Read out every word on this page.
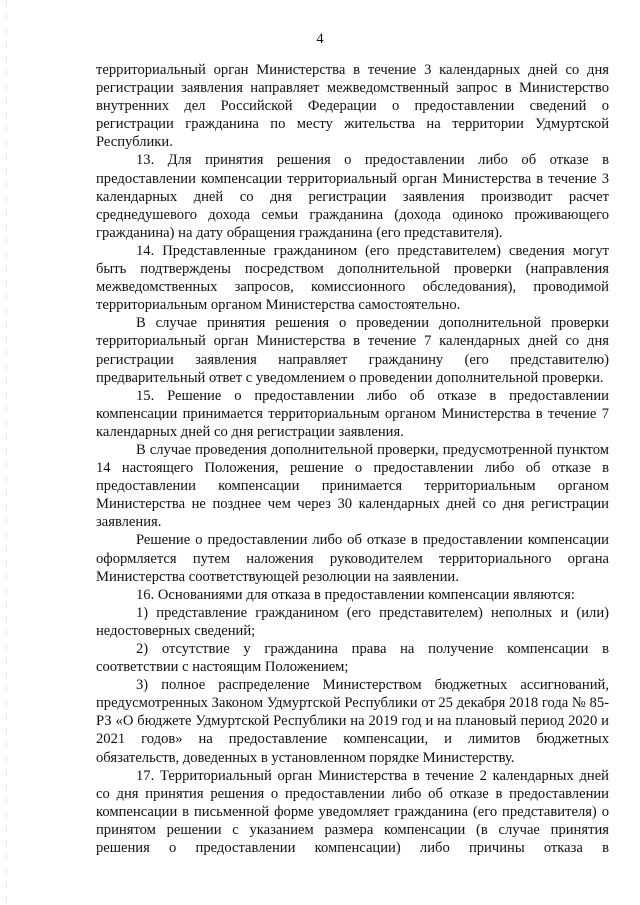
4

территориальный орган Министерства в течение 3 календарных дней со дня регистрации заявления направляет межведомственный запрос в Министерство внутренних дел Российской Федерации о предоставлении сведений о регистрации гражданина по месту жительства на территории Удмуртской Республики.

13. Для принятия решения о предоставлении либо об отказе в предоставлении компенсации территориальный орган Министерства в течение 3 календарных дней со дня регистрации заявления производит расчет среднедушевого дохода семьи гражданина (дохода одиноко проживающего гражданина) на дату обращения гражданина (его представителя).

14. Представленные гражданином (его представителем) сведения могут быть подтверждены посредством дополнительной проверки (направления межведомственных запросов, комиссионного обследования), проводимой территориальным органом Министерства самостоятельно.

В случае принятия решения о проведении дополнительной проверки территориальный орган Министерства в течение 7 календарных дней со дня регистрации заявления направляет гражданину (его представителю) предварительный ответ с уведомлением о проведении дополнительной проверки.

15. Решение о предоставлении либо об отказе в предоставлении компенсации принимается территориальным органом Министерства в течение 7 календарных дней со дня регистрации заявления.

В случае проведения дополнительной проверки, предусмотренной пунктом 14 настоящего Положения, решение о предоставлении либо об отказе в предоставлении компенсации принимается территориальным органом Министерства не позднее чем через 30 календарных дней со дня регистрации заявления.

Решение о предоставлении либо об отказе в предоставлении компенсации оформляется путем наложения руководителем территориального органа Министерства соответствующей резолюции на заявлении.

16. Основаниями для отказа в предоставлении компенсации являются:

1) представление гражданином (его представителем) неполных и (или) недостоверных сведений;

2) отсутствие у гражданина права на получение компенсации в соответствии с настоящим Положением;

3) полное распределение Министерством бюджетных ассигнований, предусмотренных Законом Удмуртской Республики от 25 декабря 2018 года № 85-РЗ «О бюджете Удмуртской Республики на 2019 год и на плановый период 2020 и 2021 годов» на предоставление компенсации, и лимитов бюджетных обязательств, доведенных в установленном порядке Министерству.

17. Территориальный орган Министерства в течение 2 календарных дней со дня принятия решения о предоставлении либо об отказе в предоставлении компенсации в письменной форме уведомляет гражданина (его представителя) о принятом решении с указанием размера компенсации (в случае принятия решения о предоставлении компенсации) либо причины отказа в
